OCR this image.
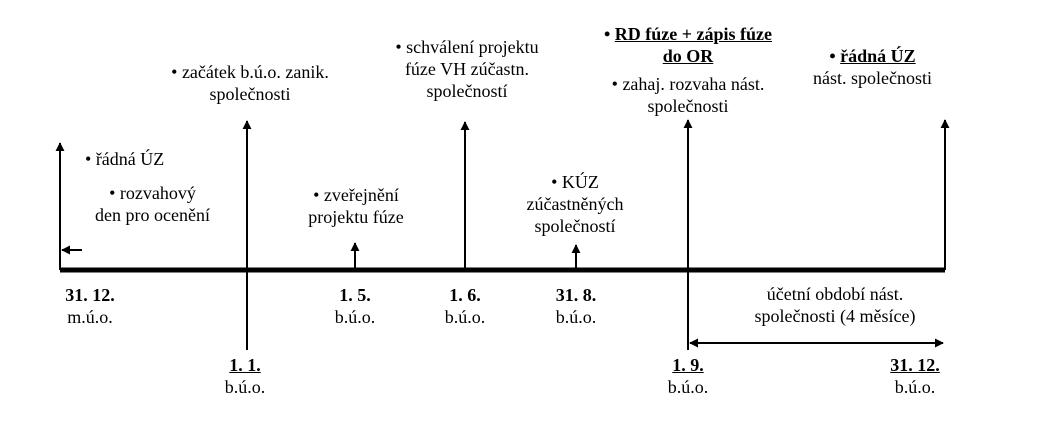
• řádná ÚZ
• rozvahový
den pro ocenění
• začátek b.ú.o. zanik.
společnosti
• zveřejnění
projektu fúze
• schválení projektu
fúze VH zúčastn.
společností
• KÚZ
zúčastněných
společností
• RD fúze + zápis fúze
do OR
• zahaj. rozvaha nást.
společnosti
• řádná ÚZ
nást. společnosti
účetní období nást.
společnosti (4 měsíce)
31. 12.
m.ú.o.
1. 1.
b.ú.o.
1. 5.
b.ú.o.
1. 6.
b.ú.o.
31. 8.
b.ú.o.
1. 9.
b.ú.o.
31. 12.
b.ú.o.
